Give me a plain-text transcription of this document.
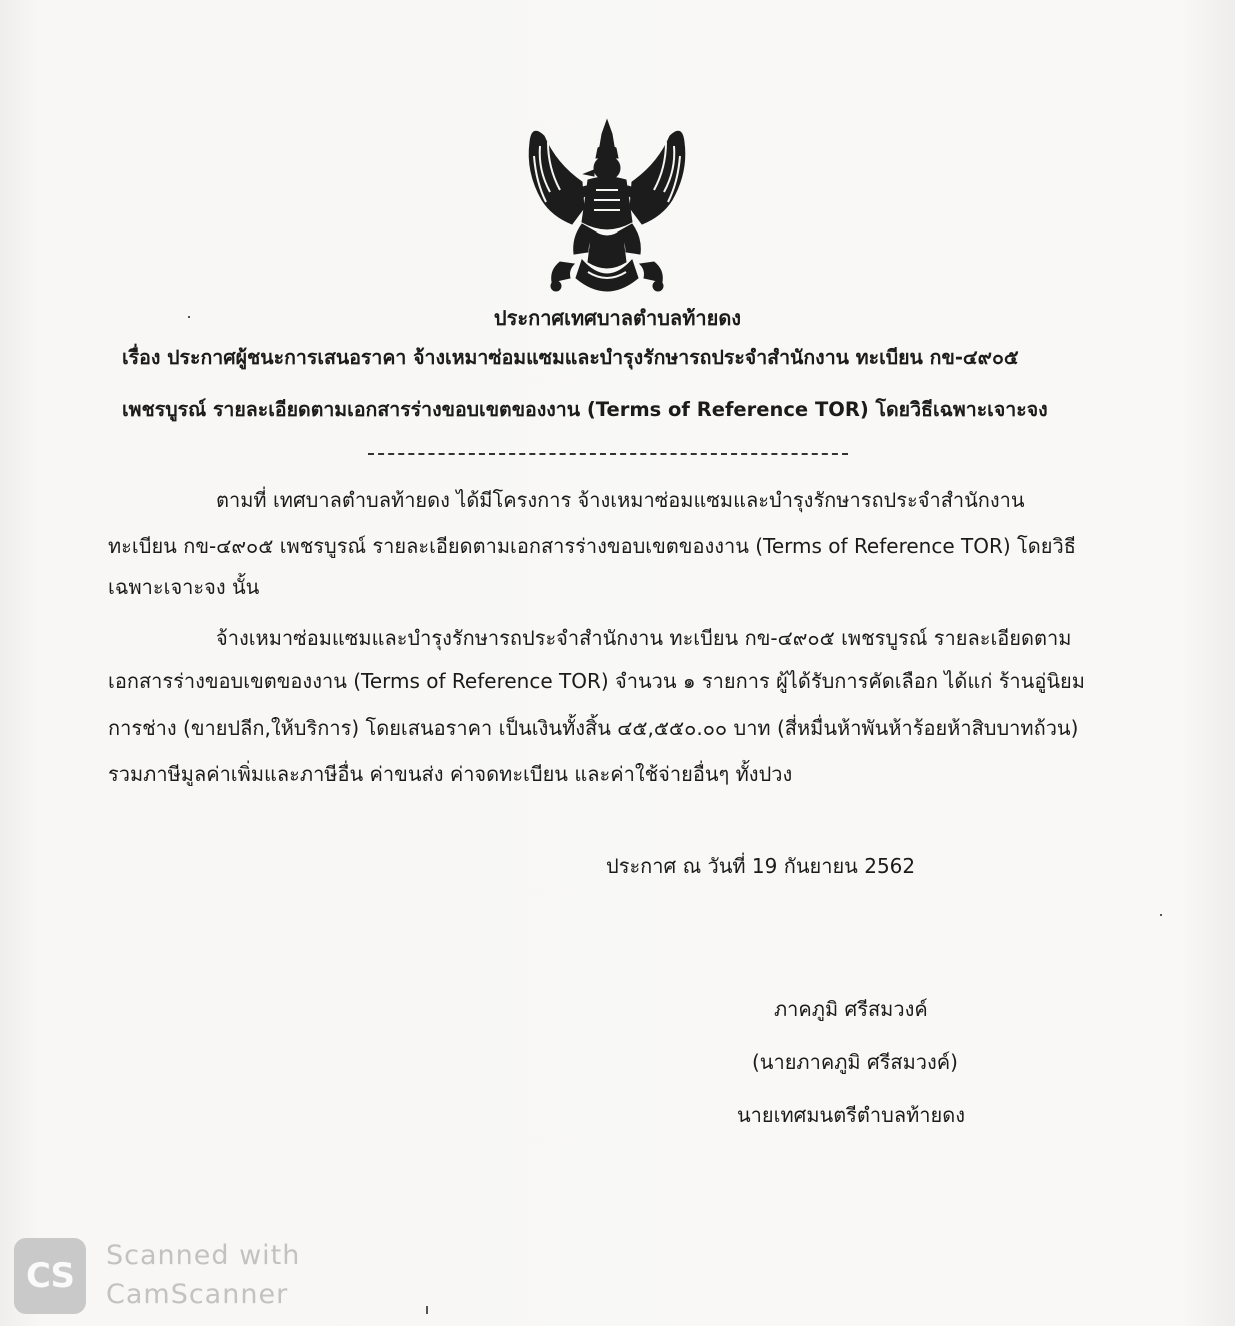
ประกาศเทศบาลตำบลท้ายดง
เรื่อง ประกาศผู้ชนะการเสนอราคา จ้างเหมาซ่อมแซมและบำรุงรักษารถประจำสำนักงาน ทะเบียน กข-๔๙๐๕
เพชรบูรณ์ รายละเอียดตามเอกสารร่างขอบเขตของงาน (Terms of Reference TOR) โดยวิธีเฉพาะเจาะจง
ตามที่ เทศบาลตำบลท้ายดง ได้มีโครงการ จ้างเหมาซ่อมแซมและบำรุงรักษารถประจำสำนักงาน
ทะเบียน กข-๔๙๐๕ เพชรบูรณ์ รายละเอียดตามเอกสารร่างขอบเขตของงาน (Terms of Reference TOR) โดยวิธี
เฉพาะเจาะจง นั้น
จ้างเหมาซ่อมแซมและบำรุงรักษารถประจำสำนักงาน ทะเบียน กข-๔๙๐๕ เพชรบูรณ์ รายละเอียดตาม
เอกสารร่างขอบเขตของงาน (Terms of Reference TOR) จำนวน ๑ รายการ ผู้ได้รับการคัดเลือก ได้แก่ ร้านอู่นิยม
การช่าง (ขายปลีก,ให้บริการ) โดยเสนอราคา เป็นเงินทั้งสิ้น ๔๕,๕๕๐.๐๐ บาท (สี่หมื่นห้าพันห้าร้อยห้าสิบบาทถ้วน)
รวมภาษีมูลค่าเพิ่มและภาษีอื่น ค่าขนส่ง ค่าจดทะเบียน และค่าใช้จ่ายอื่นๆ ทั้งปวง
ประกาศ ณ วันที่ 19 กันยายน 2562
ภาคภูมิ ศรีสมวงค์
(นายภาคภูมิ ศรีสมวงค์)
นายเทศมนตรีตำบลท้ายดง
CS
Scanned with
CamScanner
